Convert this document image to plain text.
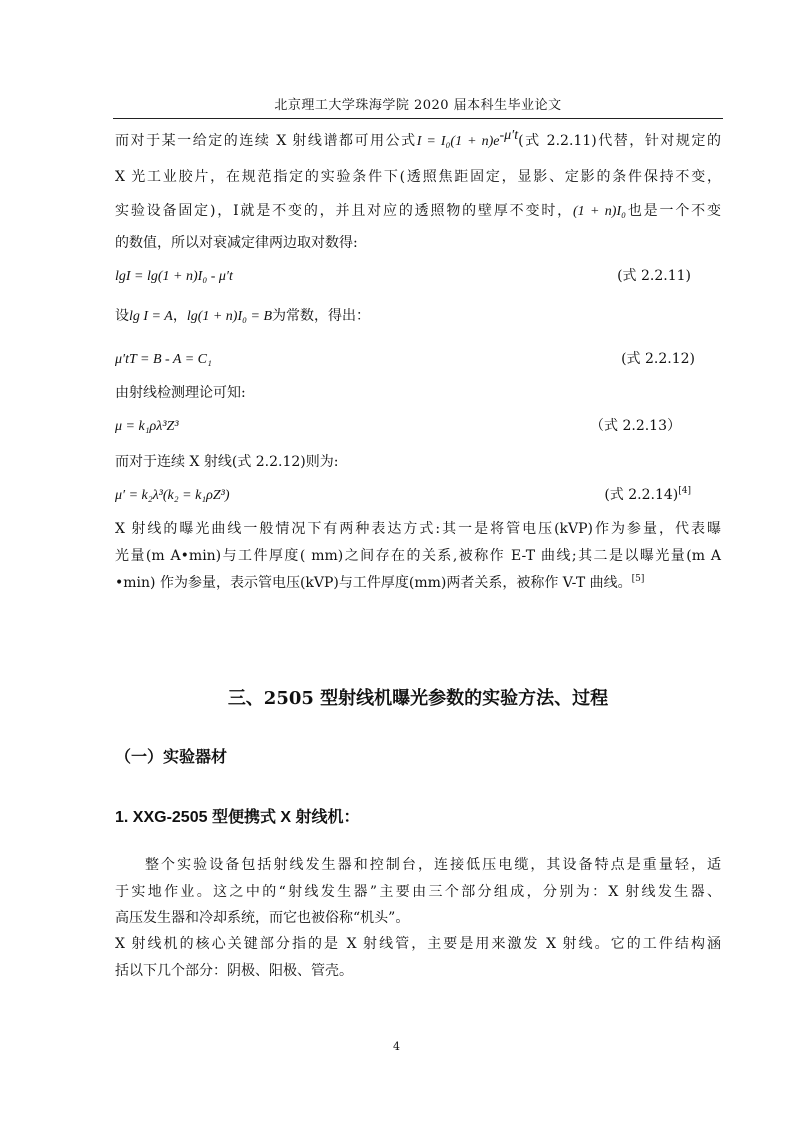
北京理工大学珠海学院 2020 届本科生毕业论文
而对于某一给定的连续 X 射线谱都可用公式$I = I_0(1 + n)e^{-\mu't}$(式 2.2.11)代替，针对规定的
X 光工业胶片，在规范指定的实验条件下(透照焦距固定，显影、定影的条件保持不变，
实验设备固定)，I就是不变的，并且对应的透照物的壁厚不变时，(1 + n)I₀也是一个不变
的数值，所以对衰减定律两边取对数得:
lgI = lg(1 + n)I₀ - μ′t	(式 2.2.11)
设lg I = A，lg(1 + n)I₀ = B为常数，得出：
μ′tT = B - A = C₁	(式 2.2.12)
由射线检测理论可知:
μ = k₁ρλ³Z³	（式 2.2.13）
而对于连续 X 射线(式 2.2.12)则为:
μ′ = k₂λ³(k₂ = k₁ρZ³)	(式 2.2.14)[4]
X 射线的曝光曲线一般情况下有两种表达方式:其一是将管电压(kVP)作为参量，代表曝
光量(m A•min)与工件厚度( mm)之间存在的关系,被称作 E-T 曲线;其二是以曝光量(m A
•min) 作为参量，表示管电压(kVP)与工件厚度(mm)两者关系，被称作 V-T 曲线。[5]
三、2505 型射线机曝光参数的实验方法、过程
（一）实验器材
1. XXG-2505 型便携式 X 射线机：
整个实验设备包括射线发生器和控制台，连接低压电缆，其设备特点是重量轻，适
于实地作业。这之中的“射线发生器”主要由三个部分组成，分别为：X 射线发生器、
高压发生器和冷却系统，而它也被俗称“机头”。
X 射线机的核心关键部分指的是 X 射线管，主要是用来激发 X 射线。它的工件结构涵
括以下几个部分：阴极、阳极、管壳。
4
